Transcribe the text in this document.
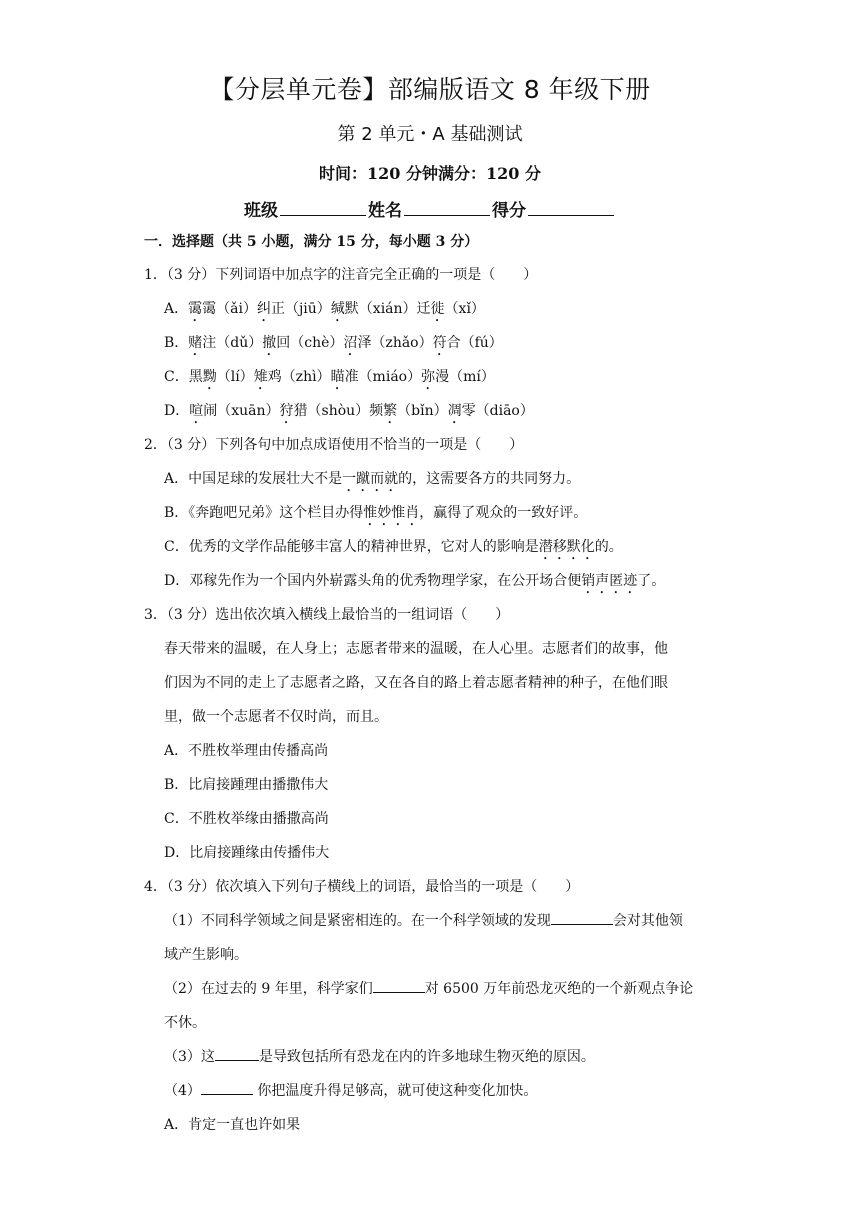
【分层单元卷】部编版语文 8 年级下册
第 2 单元・A 基础测试
时间：120 分钟满分：120 分
班级	姓名	得分
一．选择题（共 5 小题，满分 15 分，每小题 3 分）
1．（3 分）下列词语中加点字的注音完全正确的一项是（　　）
A．霭霭（ǎi）纠正（jiū）缄默（xián）迁徙（xǐ）
B．赌注（dǔ）撤回（chè）沼泽（zhǎo）符合（fú）
C．黑黝（lí）雉鸡（zhì）瞄准（miáo）弥漫（mí）
D．喧闹（xuān）狩猎（shòu）频繁（bǐn）凋零（diāo）
2．（3 分）下列各句中加点成语使用不恰当的一项是（　　）
A．中国足球的发展壮大不是一蹴而就的，这需要各方的共同努力。
B．《奔跑吧兄弟》这个栏目办得惟妙惟肖，赢得了观众的一致好评。
C．优秀的文学作品能够丰富人的精神世界，它对人的影响是潜移默化的。
D．邓稼先作为一个国内外崭露头角的优秀物理学家，在公开场合便销声匿迹了。
3．（3 分）选出依次填入横线上最恰当的一组词语（　　）
春天带来的温暖，在人身上；志愿者带来的温暖，在人心里。志愿者们的故事，他
们因为不同的走上了志愿者之路，又在各自的路上着志愿者精神的种子，在他们眼
里，做一个志愿者不仅时尚，而且。
A．不胜枚举理由传播高尚
B．比肩接踵理由播撒伟大
C．不胜枚举缘由播撒高尚
D．比肩接踵缘由传播伟大
4．（3 分）依次填入下列句子横线上的词语，最恰当的一项是（　　）
（1）不同科学领域之间是紧密相连的。在一个科学领域的发现	会对其他领
域产生影响。
（2）在过去的 9 年里，科学家们	对 6500 万年前恐龙灭绝的一个新观点争论
不休。
（3）这	是导致包括所有恐龙在内的许多地球生物灭绝的原因。
（4）	你把温度升得足够高，就可使这种变化加快。
A．肯定一直也许如果
